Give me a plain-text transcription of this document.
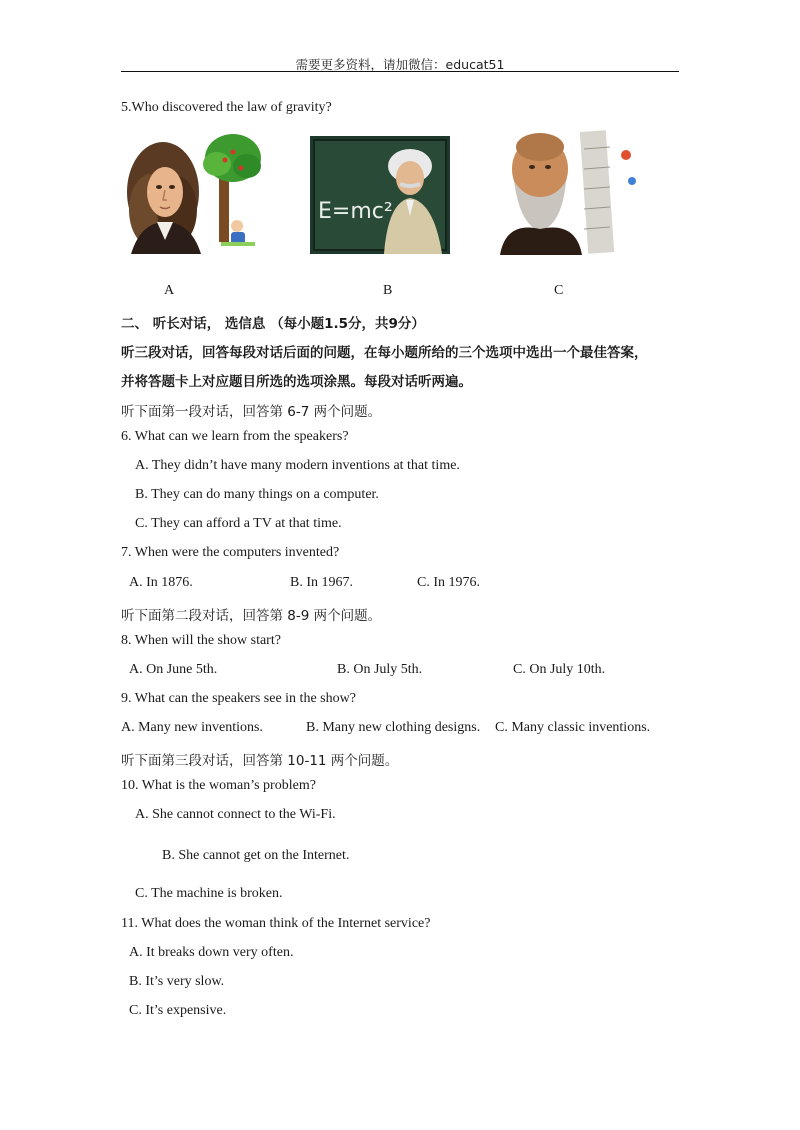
需要更多资料，请加微信：educat51
5.Who discovered the law of gravity?
E=mc²
A	B	C
二、 听长对话， 选信息 （每小题1.5分，共9分）
听三段对话，回答每段对话后面的问题，在每小题所给的三个选项中选出一个最佳答案，
并将答题卡上对应题目所选的选项涂黑。每段对话听两遍。
听下面第一段对话，回答第 6-7 两个问题。
6. What can we learn from the speakers?
A. They didn’t have many modern inventions at that time.
B. They can do many things on a computer.
C. They can afford a TV at that time.
7. When were the computers invented?
A. In 1876.	B. In 1967.	C. In 1976.
听下面第二段对话，回答第 8-9 两个问题。
8. When will the show start?
A. On June 5th.	B. On July 5th.	C. On July 10th.
9. What can the speakers see in the show?
A. Many new inventions.	B. Many new clothing designs. C. Many classic inventions.
听下面第三段对话，回答第 10-11 两个问题。
10. What is the woman’s problem?
A. She cannot connect to the Wi-Fi.
B. She cannot get on the Internet.
C. The machine is broken.
11. What does the woman think of the Internet service?
A. It breaks down very often.
B. It’s very slow.
C. It’s expensive.
